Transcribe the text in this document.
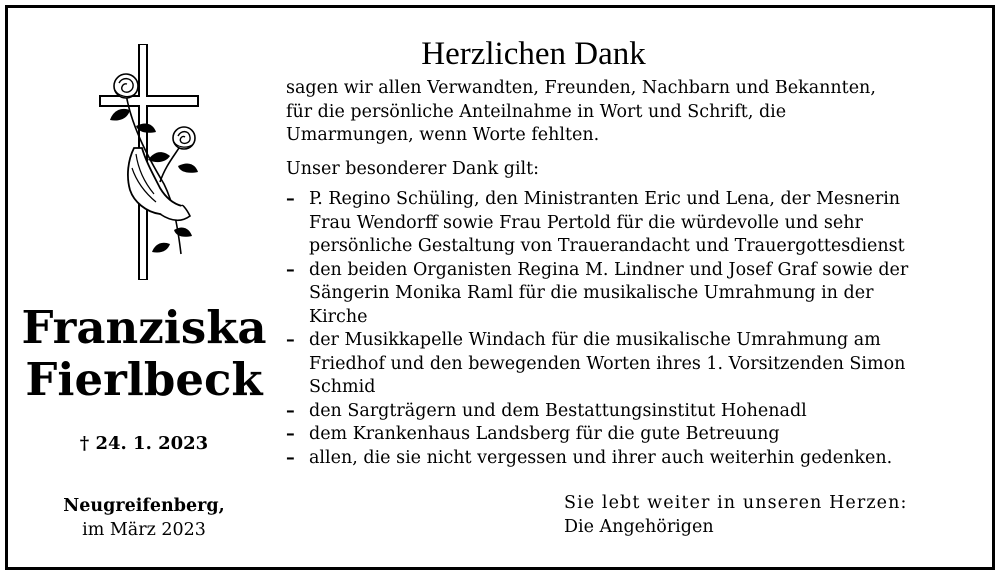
Franziska
Fierlbeck
† 24. 1. 2023
Neugreifenberg,
im März 2023
Herzlichen Dank
sagen wir allen Verwandten, Freunden, Nachbarn und Bekannten,
für die persönliche Anteilnahme in Wort und Schrift, die
Umarmungen, wenn Worte fehlten.
Unser besonderer Dank gilt:
– P. Regino Schüling, den Ministranten Eric und Lena, der Mesnerin
Frau Wendorff sowie Frau Pertold für die würdevolle und sehr
persönliche Gestaltung von Trauerandacht und Trauergottesdienst
– den beiden Organisten Regina M. Lindner und Josef Graf sowie der
Sängerin Monika Raml für die musikalische Umrahmung in der
Kirche
– der Musikkapelle Windach für die musikalische Umrahmung am
Friedhof und den bewegenden Worten ihres 1. Vorsitzenden Simon
Schmid
– den Sargträgern und dem Bestattungsinstitut Hohenadl
– dem Krankenhaus Landsberg für die gute Betreuung
– allen, die sie nicht vergessen und ihrer auch weiterhin gedenken.
Sie lebt weiter in unseren Herzen:
Die Angehörigen
